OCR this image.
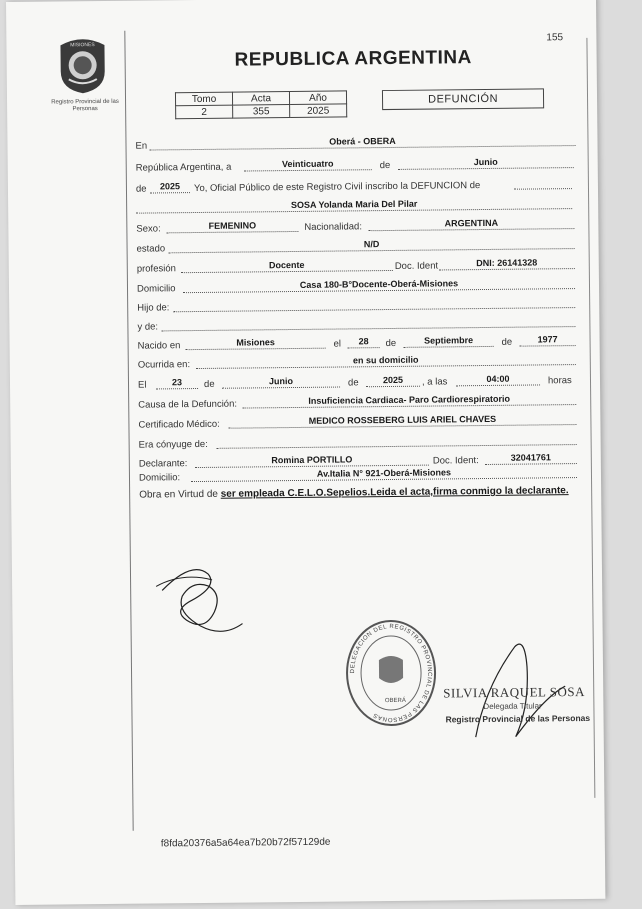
155
MISIONES
Registro Provincial de las Personas
REPUBLICA ARGENTINA
Tomo	Acta	Año
2	355	2025
DEFUNCIÓN
En	Oberá - OBERA
República Argentina, a	Veinticuatro	de	Junio
de	2025	Yo, Oficial Público de este Registro Civil inscribo la DEFUNCION de
SOSA Yolanda Maria Del Pilar
Sexo:	FEMENINO	Nacionalidad:	ARGENTINA
estado	N/D
profesión	Docente	Doc. Ident	DNI: 26141328
Domicilio	Casa 180-B°Docente-Oberá-Misiones
Hijo de:
y de:
Nacido en	Misiones	el	28	de	Septiembre	de	1977
Ocurrida en:	en su domicilio
El	23	de	Junio	de	2025	, a las	04:00	horas
Causa de la Defunción:	Insuficiencia Cardiaca- Paro Cardiorespiratorio
Certificado Médico:	MEDICO ROSSEBERG LUIS ARIEL CHAVES
Era cónyuge de:
Declarante:	Romina PORTILLO	Doc. Ident:	32041761
Domicilio:	Av.Italia N° 921-Oberá-Misiones
Obra en Virtud de ser empleada C.E.L.O.Sepelios.Leida el acta,firma conmigo la declarante.
DELEGACION DEL REGISTRO PROVINCIAL DE LAS PERSONAS
OBERÁ
SILVIA RAQUEL SOSA
Delegada Titular
Registro Provincial de las Personas
f8fda20376a5a64ea7b20b72f57129de
